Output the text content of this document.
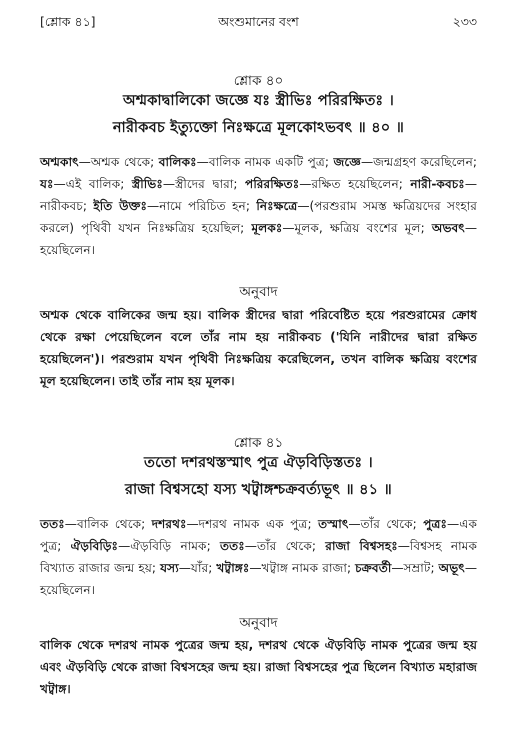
[শ্লোক ৪১]	অংশুমানের বংশ	২৩৩
শ্লোক ৪০
অশ্মকাদ্বালিকো জজ্ঞে যঃ স্ত্রীভিঃ পরিরক্ষিতঃ ।
নারীকবচ ইত্যুক্তো নিঃক্ষত্রে মূলকোঽভবৎ ॥ ৪০ ॥
অশ্মকাৎ—অশ্মক থেকে; বালিকঃ—বালিক নামক একটি পুত্র; জজ্ঞে—জন্মগ্রহণ করেছিলেন; যঃ—এই বালিক; স্ত্রীভিঃ—স্ত্রীদের দ্বারা; পরিরক্ষিতঃ—রক্ষিত হয়েছিলেন; নারী-কবচঃ—নারীকবচ; ইতি উক্তঃ—নামে পরিচিত হন; নিঃক্ষত্রে—(পরশুরাম সমস্ত ক্ষত্রিয়দের সংহার করলে) পৃথিবী যখন নিঃক্ষত্রিয় হয়েছিল; মূলকঃ—মূলক, ক্ষত্রিয় বংশের মূল; অভবৎ—হয়েছিলেন।
অনুবাদ
অশ্মক থেকে বালিকের জন্ম হয়। বালিক স্ত্রীদের দ্বারা পরিবেষ্টিত হয়ে পরশুরামের ক্রোধ থেকে রক্ষা পেয়েছিলেন বলে তাঁর নাম হয় নারীকবচ ('যিনি নারীদের দ্বারা রক্ষিত হয়েছিলেন')। পরশুরাম যখন পৃথিবী নিঃক্ষত্রিয় করেছিলেন, তখন বালিক ক্ষত্রিয় বংশের মূল হয়েছিলেন। তাই তাঁর নাম হয় মূলক।
শ্লোক ৪১
ততো দশরথস্তস্মাৎ পুত্র ঐড়বিড়িস্ততঃ ।
রাজা বিশ্বসহো যস্য খট্বাঙ্গশ্চক্রবর্ত্যভূৎ ॥ ৪১ ॥
ততঃ—বালিক থেকে; দশরথঃ—দশরথ নামক এক পুত্র; তস্মাৎ—তাঁর থেকে; পুত্রঃ—এক পুত্র; ঐড়বিড়িঃ—ঐড়বিড়ি নামক; ততঃ—তাঁর থেকে; রাজা বিশ্বসহঃ—বিশ্বসহ নামক বিখ্যাত রাজার জন্ম হয়; যস্য—যাঁর; খট্বাঙ্গঃ—খট্বাঙ্গ নামক রাজা; চক্রবর্তী—সম্রাট; অভূৎ—হয়েছিলেন।
অনুবাদ
বালিক থেকে দশরথ নামক পুত্রের জন্ম হয়, দশরথ থেকে ঐড়বিড়ি নামক পুত্রের জন্ম হয় এবং ঐড়বিড়ি থেকে রাজা বিশ্বসহের জন্ম হয়। রাজা বিশ্বসহের পুত্র ছিলেন বিখ্যাত মহারাজ খট্বাঙ্গ।
